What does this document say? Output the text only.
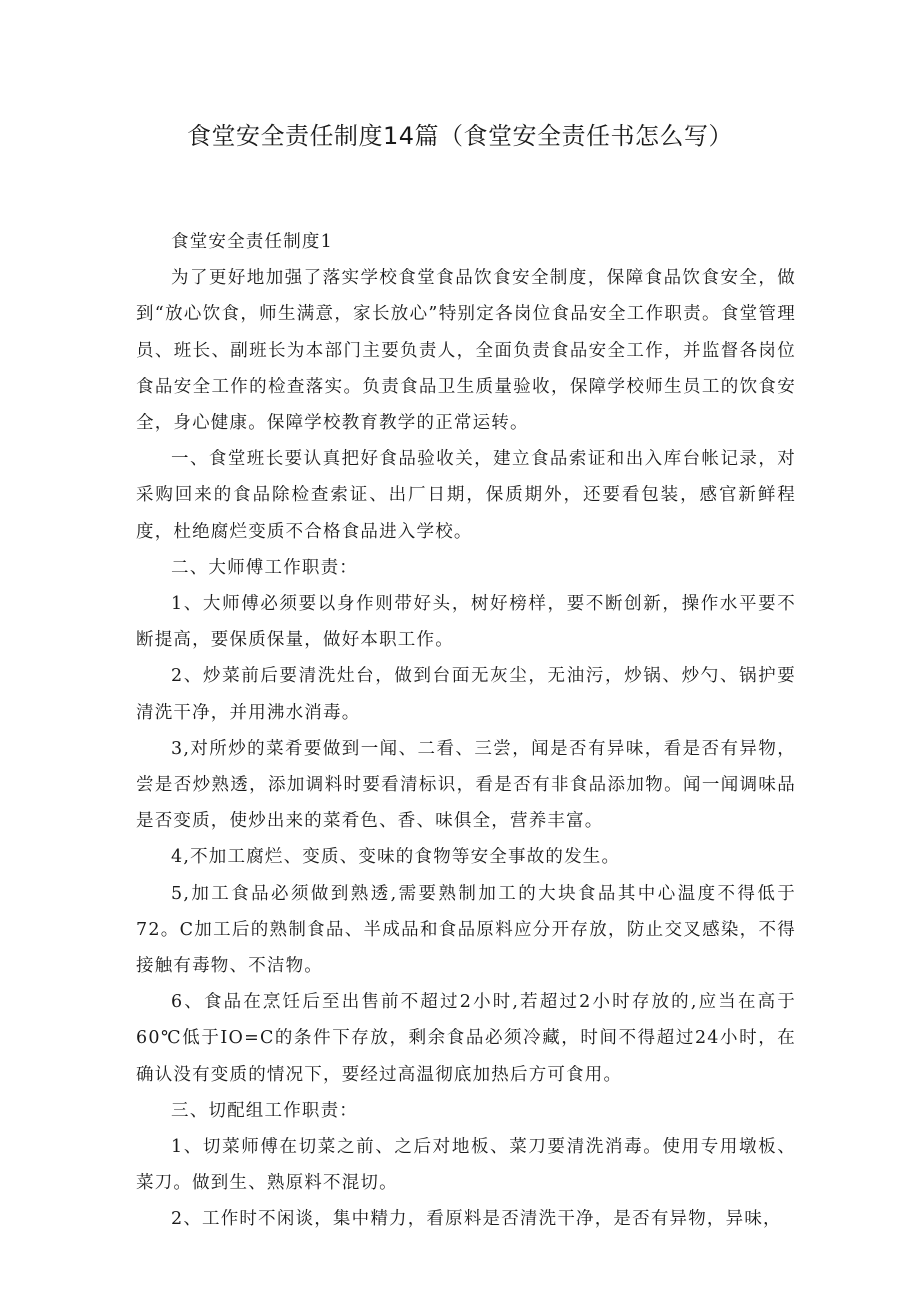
食堂安全责任制度14篇（食堂安全责任书怎么写）

食堂安全责任制度1

为了更好地加强了落实学校食堂食品饮食安全制度，保障食品饮食安全，做到“放心饮食，师生满意，家长放心”特别定各岗位食品安全工作职责。食堂管理员、班长、副班长为本部门主要负责人，全面负责食品安全工作，并监督各岗位食品安全工作的检查落实。负责食品卫生质量验收，保障学校师生员工的饮食安全，身心健康。保障学校教育教学的正常运转。

一、食堂班长要认真把好食品验收关，建立食品索证和出入库台帐记录，对采购回来的食品除检查索证、出厂日期，保质期外，还要看包装，感官新鲜程度，杜绝腐烂变质不合格食品进入学校。

二、大师傅工作职责：

1、大师傅必须要以身作则带好头，树好榜样，要不断创新，操作水平要不断提高，要保质保量，做好本职工作。

2、炒菜前后要清洗灶台，做到台面无灰尘，无油污，炒锅、炒勺、锅护要清洗干净，并用沸水消毒。

3,对所炒的菜肴要做到一闻、二看、三尝，闻是否有异味，看是否有异物，尝是否炒熟透，添加调料时要看清标识，看是否有非食品添加物。闻一闻调味品是否变质，使炒出来的菜肴色、香、味俱全，营养丰富。

4,不加工腐烂、变质、变味的食物等安全事故的发生。

5,加工食品必须做到熟透,需要熟制加工的大块食品其中心温度不得低于72。C加工后的熟制食品、半成品和食品原料应分开存放，防止交叉感染，不得接触有毒物、不洁物。

6、食品在烹饪后至出售前不超过2小时,若超过2小时存放的,应当在高于60℃低于IO=C的条件下存放，剩余食品必须冷藏，时间不得超过24小时，在确认没有变质的情况下，要经过高温彻底加热后方可食用。

三、切配组工作职责：

1、切菜师傅在切菜之前、之后对地板、菜刀要清洗消毒。使用专用墩板、菜刀。做到生、熟原料不混切。

2、工作时不闲谈，集中精力，看原料是否清洗干净，是否有异物，异味，
